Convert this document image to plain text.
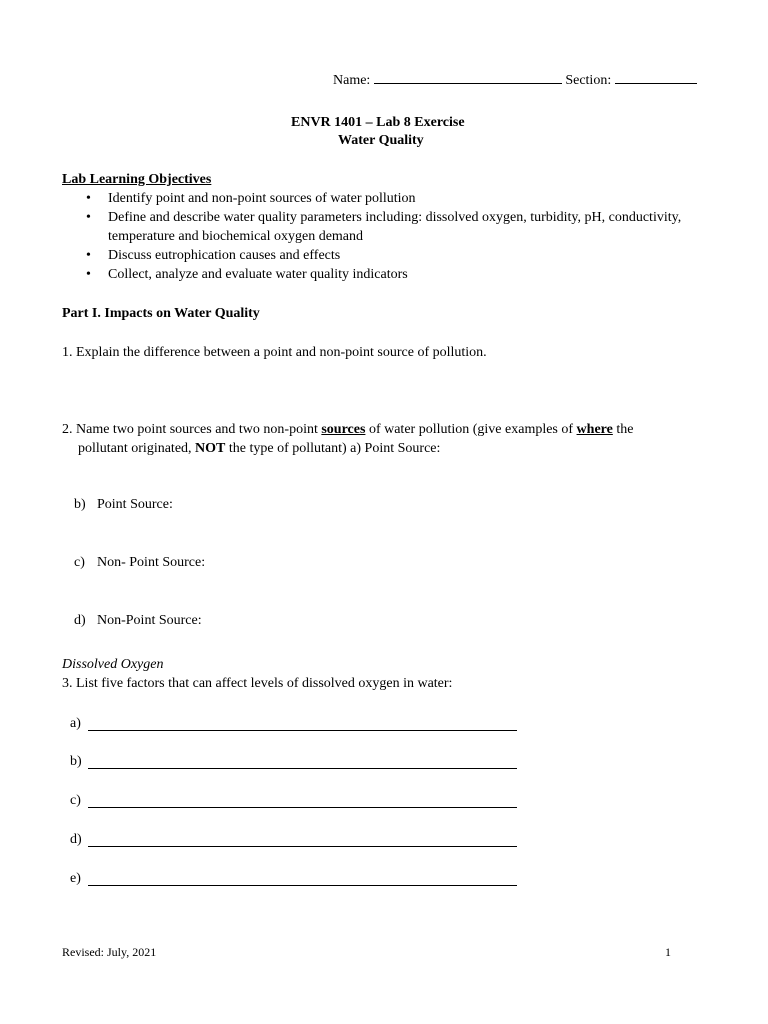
Name:	Section:
ENVR 1401 – Lab 8 Exercise
Water Quality
Lab Learning Objectives
• Identify point and non-point sources of water pollution
• Define and describe water quality parameters including: dissolved oxygen, turbidity, pH, conductivity,
temperature and biochemical oxygen demand
• Discuss eutrophication causes and effects
• Collect, analyze and evaluate water quality indicators
Part I. Impacts on Water Quality
1. Explain the difference between a point and non-point source of pollution.
2. Name two point sources and two non-point sources of water pollution (give examples of where the
pollutant originated, NOT the type of pollutant) a) Point Source:
b) Point Source:
c) Non- Point Source:
d) Non-Point Source:
Dissolved Oxygen
3. List five factors that can affect levels of dissolved oxygen in water:
a)
b)
c)
d)
e)
Revised: July, 2021	1
